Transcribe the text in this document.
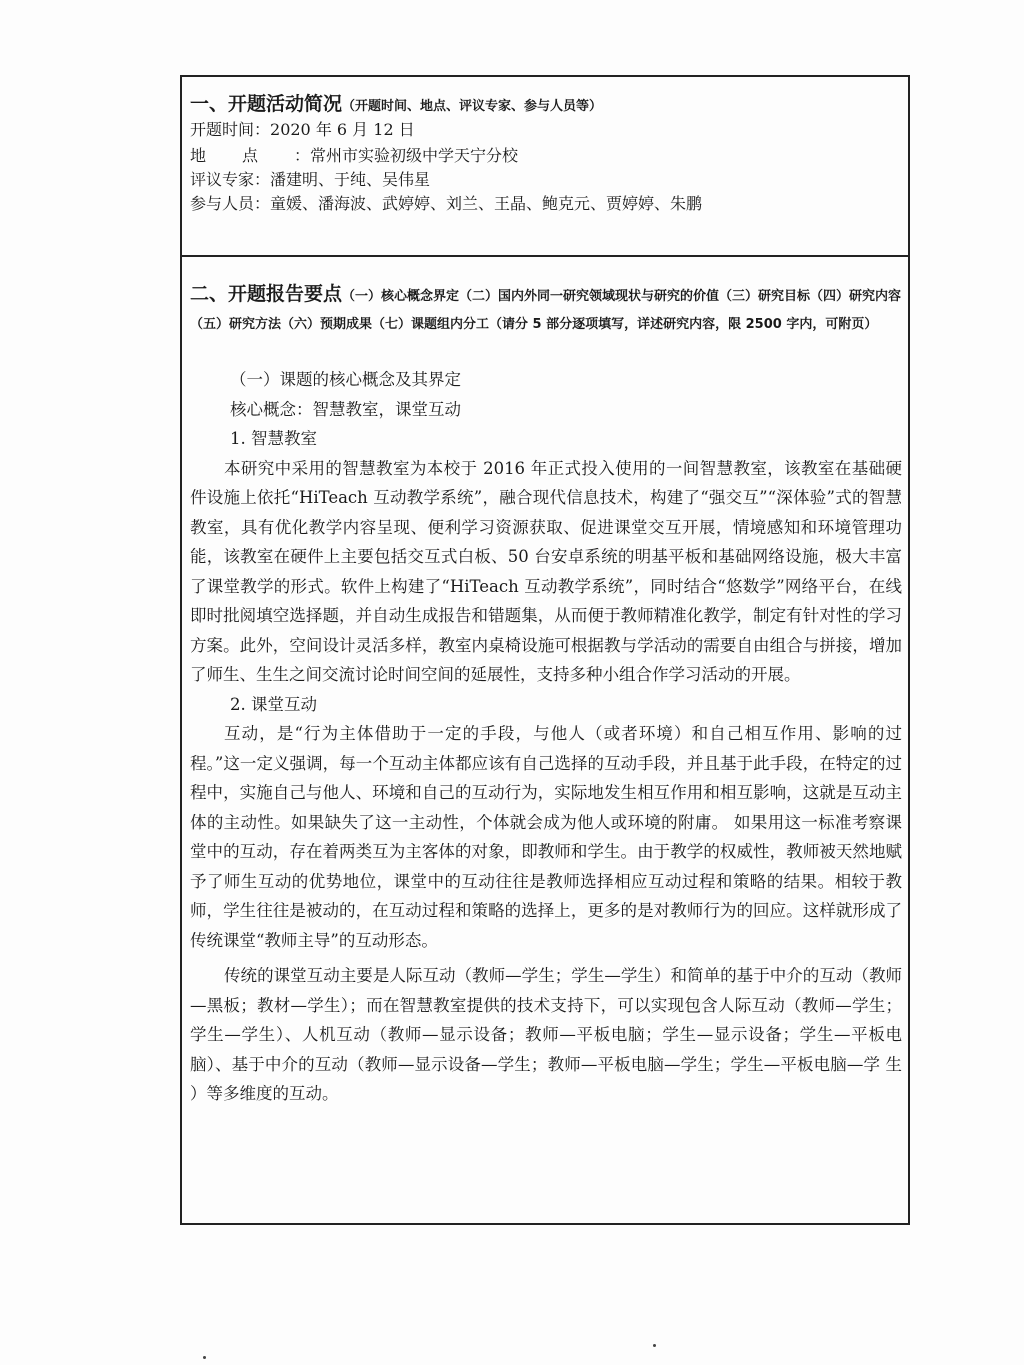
一、开题活动简况（开题时间、地点、评议专家、参与人员等）
开题时间：2020 年 6 月 12 日
地点：常州市实验初级中学天宁分校
评议专家：潘建明、于纯、吴伟星
参与人员：童媛、潘海波、武婷婷、刘兰、王晶、鲍克元、贾婷婷、朱鹏
二、开题报告要点（一）核心概念界定（二）国内外同一研究领域现状与研究的价值（三）研究目标（四）研究内容（五）研究方法（六）预期成果（七）课题组内分工（请分 5 部分逐项填写，详述研究内容，限 2500 字内，可附页）

（一）课题的核心概念及其界定

核心概念：智慧教室，课堂互动

1. 智慧教室

本研究中采用的智慧教室为本校于 2016 年正式投入使用的一间智慧教室，该教室在基础硬件设施上依托“HiTeach 互动教学系统”，融合现代信息技术，构建了“强交互”“深体验”式的智慧教室，具有优化教学内容呈现、便利学习资源获取、促进课堂交互开展，情境感知和环境管理功能，该教室在硬件上主要包括交互式白板、50 台安卓系统的明基平板和基础网络设施，极大丰富了课堂教学的形式。软件上构建了“HiTeach 互动教学系统”，同时结合“悠数学”网络平台，在线即时批阅填空选择题，并自动生成报告和错题集，从而便于教师精准化教学，制定有针对性的学习方案。此外，空间设计灵活多样，教室内桌椅设施可根据教与学活动的需要自由组合与拼接，增加了师生、生生之间交流讨论时间空间的延展性，支持多种小组合作学习活动的开展。

2. 课堂互动

互动，是“行为主体借助于一定的手段，与他人（或者环境）和自己相互作用、影响的过程。”这一定义强调，每一个互动主体都应该有自己选择的互动手段，并且基于此手段，在特定的过程中，实施自己与他人、环境和自己的互动行为，实际地发生相互作用和相互影响，这就是互动主体的主动性。如果缺失了这一主动性，个体就会成为他人或环境的附庸。 如果用这一标准考察课堂中的互动，存在着两类互为主客体的对象，即教师和学生。由于教学的权威性，教师被天然地赋予了师生互动的优势地位，课堂中的互动往往是教师选择相应互动过程和策略的结果。相较于教师，学生往往是被动的，在互动过程和策略的选择上，更多的是对教师行为的回应。这样就形成了传统课堂“教师主导”的互动形态。

传统的课堂互动主要是人际互动（教师—学生；学生—学生）和简单的基于中介的互动（教师—黑板；教材—学生）；而在智慧教室提供的技术支持下，可以实现包含人际互动（教师—学生；学生—学生）、人机互动（教师—显示设备；教师—平板电脑；学生—显示设备；学生—平板电脑）、基于中介的互动（教师—显示设备—学生；教师—平板电脑—学生；学生—平板电脑—学 生 ）等多维度的互动。
